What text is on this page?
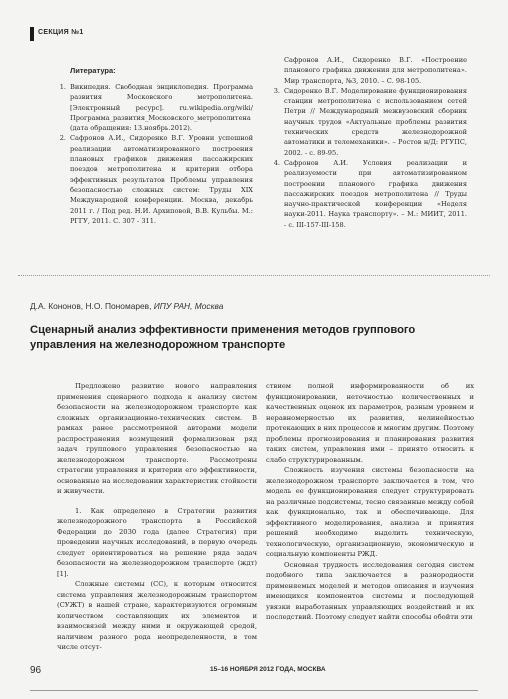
СЕКЦИЯ №1
Литература:
1. Википедия. Свободная энциклопедия. Программа развития Московского метрополитена. [Электронный ресурс]. ru.wikipedia.org/wiki/Программа_развития_Московского_метрополитена (дата обращения: 13.ноябрь.2012).
2. Сафронов А.И., Сидоренко В.Г. Уровни успешной реализации автоматизированного построения плановых графиков движения пассажирских поездов метрополитена и критерии отбора эффективных результатов Проблемы управления безопасностью сложных систем: Труды XIX Международной конференции. Москва, декабрь 2011 г. / Под ред. Н.И. Архиповой, В.В. Кульбы. М.: РГГУ, 2011. С. 307 - 311.
Сафронов А.И., Сидоренко В.Г. «Построение планового графика движения для метрополитена». Мир транспорта, №3, 2010. – С. 98-105.
3. Сидоренко В.Г. Моделирование функционирования станции метрополитена с использованием сетей Петри // Международный межвузовский сборник научных трудов «Актуальные проблемы развития технических средств железнодорожной автоматики и телемеханики». – Ростов н/Д: РГУПС, 2002. - с. 89-95.
4. Сафронов А.И. Условия реализации и реализуемости при автоматизированном построении планового графика движения пассажирских поездов метрополитена // Труды научно-практической конференции «Неделя науки-2011. Наука транспорту». – М.: МИИТ, 2011. - с. III-157-III-158.
Д.А. Кононов, Н.О. Пономарев, ИПУ РАН, Москва
Сценарный анализ эффективности применения методов группового управления на железнодорожном транспорте

Предложено развитие нового направления применения сценарного подхода к анализу систем безопасности на железнодорожном транспорте как сложных организационно-технических систем. В рамках ранее рассмотренной авторами модели распространения возмущений формализован ряд задач группового управления безопасностью на железнодорожном транспорте. Рассмотрены стратегии управления и критерии его эффективности, основанные на исследовании характеристик стойкости и живучести.

1. Как определено в Стратегии развития железнодорожного транспорта в Российской Федерации до 2030 года (далее Стратегия) при проведении научных исследований, в первую очередь следует ориентироваться на решение ряда задач безопасности на железнодорожном транспорте (ждт) [1].

Сложные системы (СС), к которым относится система управления железнодорожным транспортом (СУЖТ) в нашей стране, характеризуются огромным количеством составляющих их элементов и взаимосвязей между ними и окружающей средой, наличием разного рода неопределенности, в том числе отсут-

ствием полной информированности об их функционировании, неточностью количественных и качественных оценок их параметров, разным уровнем и неравномерностью их развития, нелинейностью протекающих в них процессов и многим другим. Поэтому проблемы прогнозирования и планирования развития таких систем, управления ими – принято относить к слабо структурированным.

Сложность изучения системы безопасности на железнодорожном транспорте заключается в том, что модель ее функционирования следует структурировать на различные подсистемы, тесно связанные между собой как функционально, так и обеспечивающе. Для эффективного моделирования, анализа и принятия решений необходимо выделить техническую, технологическую, организационную, экономическую и социальную компоненты РЖД.

Основная трудность исследования сегодня систем подобного типа заключается в разнородности применяемых моделей и методов описания и изучения имеющихся компонентов системы и последующей увязки выработанных управляющих воздействий и их последствий. Поэтому следует найти способы обойти эти

96	15–16 НОЯБРЯ 2012 ГОДА, МОСКВА
